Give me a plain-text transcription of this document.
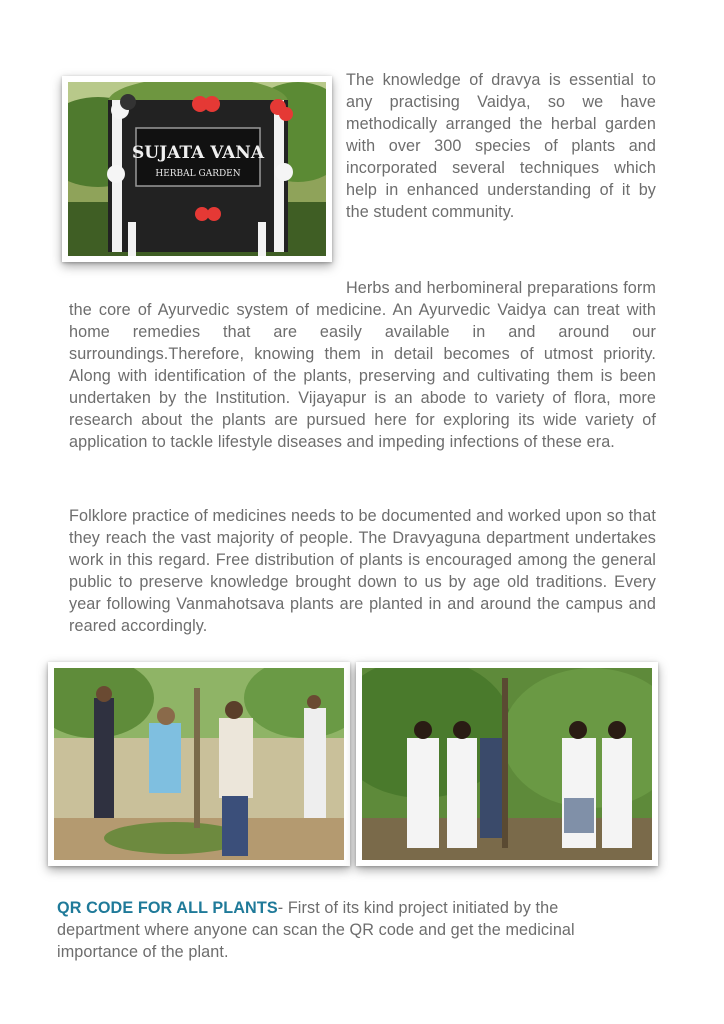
SUJATA VANA
HERBAL GARDEN

The knowledge of dravya is essential to any practising Vaidya, so we have methodically arranged the herbal garden with over 300 species of plants and incorporated several techniques which help in enhanced understanding of it by the student community.

Herbs and herbomineral preparations form the core of Ayurvedic system of medicine. An Ayurvedic Vaidya can treat with home remedies that are easily available in and around our surroundings.Therefore, knowing them in detail becomes of utmost priority. Along with identification of the plants, preserving and cultivating them is been undertaken by the Institution. Vijayapur is an abode to variety of flora, more research about the plants are pursued here for exploring its wide variety of application to tackle lifestyle diseases and impeding infections of these era.

Folklore practice of medicines needs to be documented and worked upon so that they reach the vast majority of people. The Dravyaguna department undertakes work in this regard. Free distribution of plants is encouraged among the general public to preserve knowledge brought down to us by age old traditions. Every year following Vanmahotsava plants are planted in and around the campus and reared accordingly.

QR CODE FOR ALL PLANTS- First of its kind project initiated by the department where anyone can scan the QR code and get the medicinal importance of the plant.
